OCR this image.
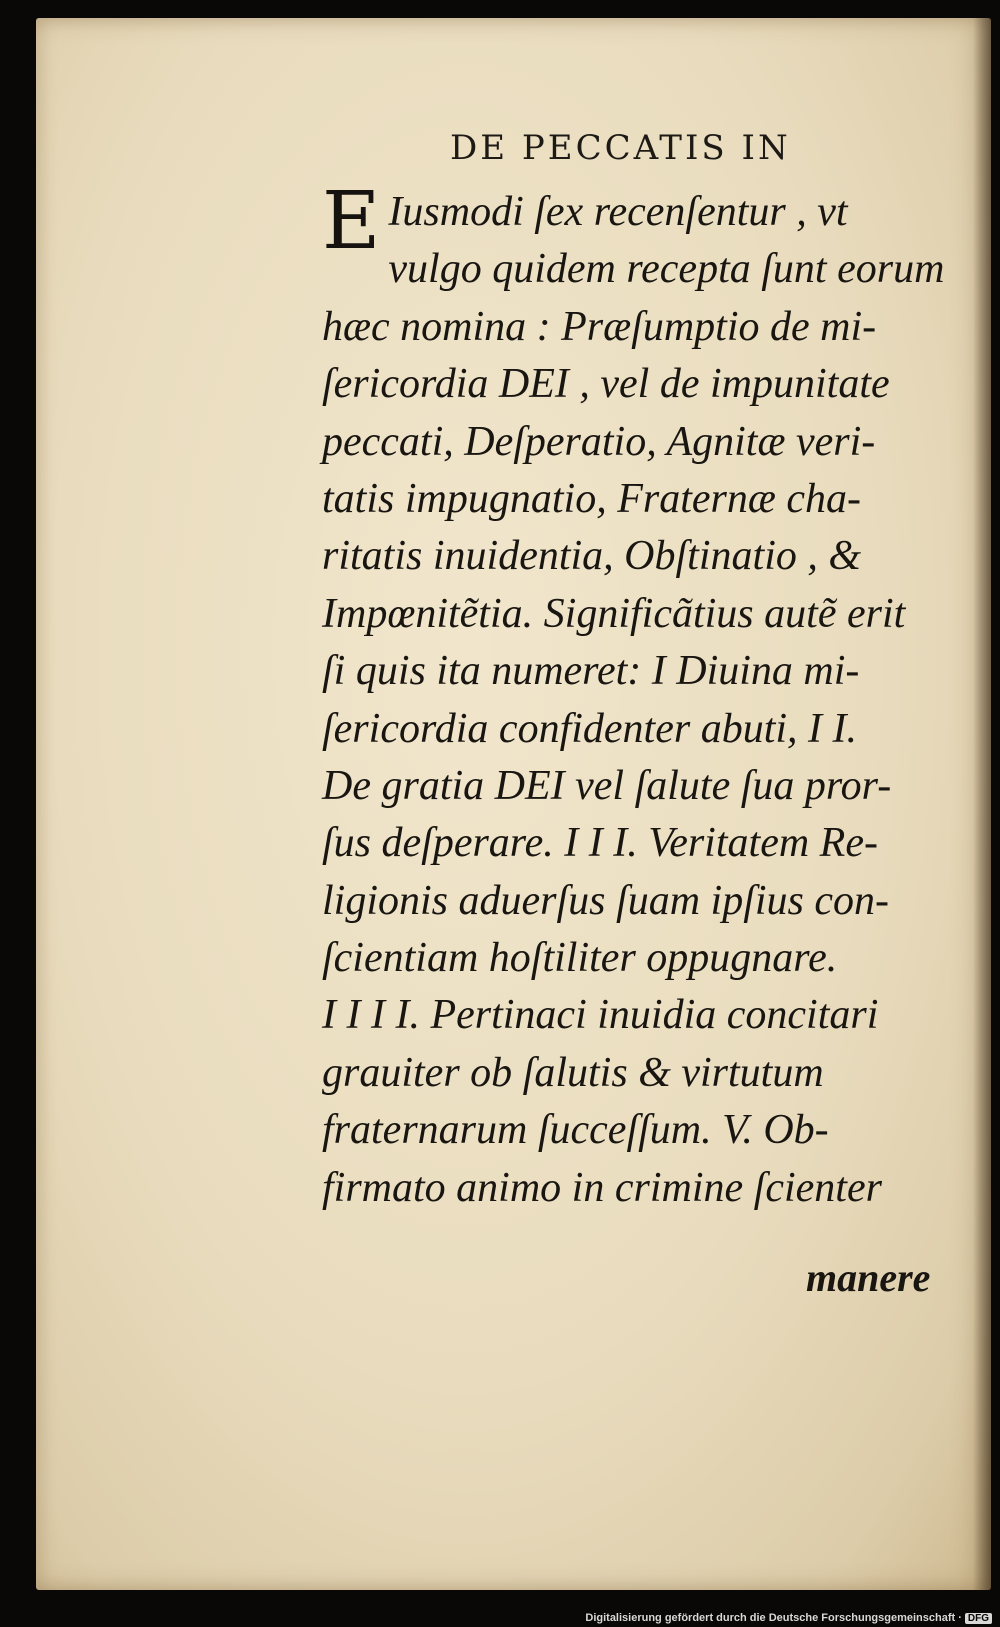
DE PECCATIS IN
E Iusmodi ſex recenſentur , vt
vulgo quidem recepta ſunt eorum
hæc nomina : Præſumptio de mi-
ſericordia DEI , vel de impunitate
peccati, Deſperatio, Agnitæ veri-
tatis impugnatio, Fraternæ cha-
ritatis inuidentia, Obſtinatio , &
Impœnitẽtia. Significãtius autẽ erit
ſi quis ita numeret: I Diuina mi-
ſericordia confidenter abuti, I I.
De gratia DEI vel ſalute ſua pror-
ſus deſperare. I I I. Veritatem Re-
ligionis aduerſus ſuam ipſius con-
ſcientiam hoſtiliter oppugnare.
I I I I. Pertinaci inuidia concitari
grauiter ob ſalutis & virtutum
fraternarum ſucceſſum. V. Ob-
firmato animo in crimine ſcienter
manere
Digitalisierung gefördert durch die Deutsche Forschungsgemeinschaft · DFG
